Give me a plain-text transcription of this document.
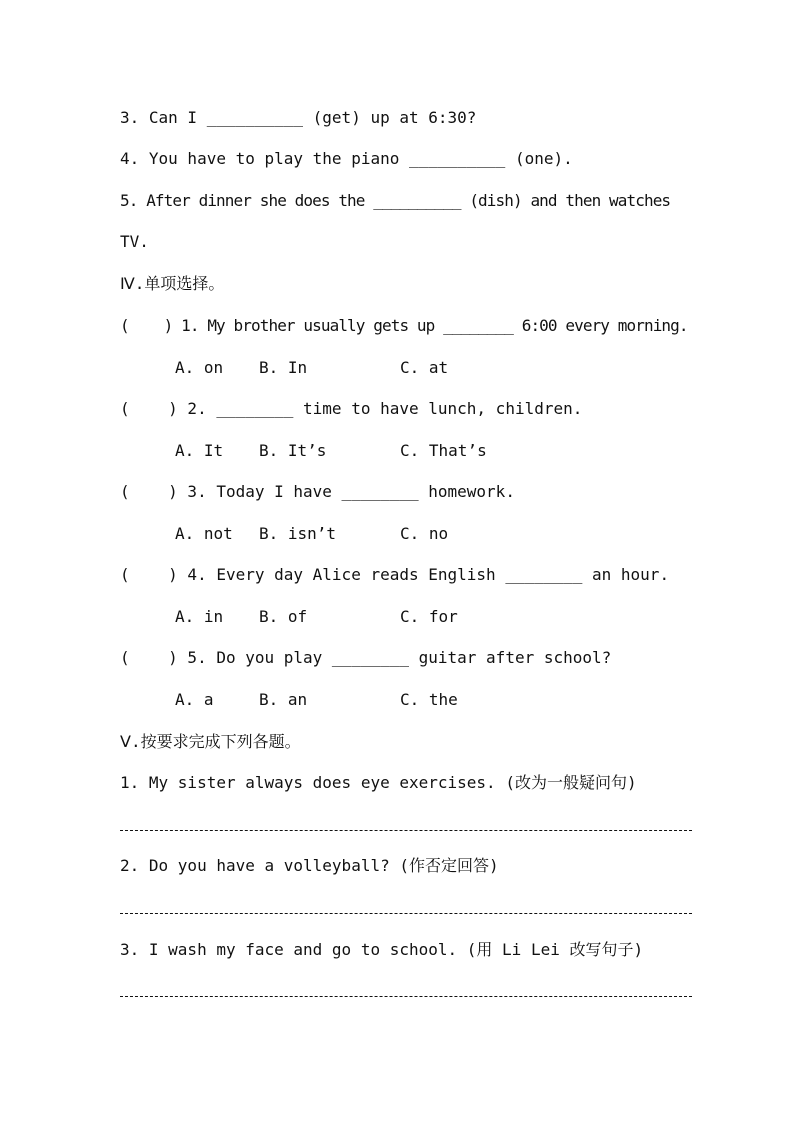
3. Can I __________ (get) up at 6:30?
4. You have to play the piano __________ (one).
5. After dinner she does the __________ (dish) and then watches
TV.
Ⅳ.单项选择。
(    ) 1. My brother usually gets up ________ 6:00 every morning.
A. on B. In	C. at
(    ) 2. ________ time to have lunch, children.
A. It B. It’s	C. That’s
(    ) 3. Today I have ________ homework.
A. not B. isn’t	C. no
(    ) 4. Every day Alice reads English ________ an hour.
A. in B. of	C. for
(    ) 5. Do you play ________ guitar after school?
A. a	B. an	C. the
Ⅴ.按要求完成下列各题。
1. My sister always does eye exercises. (改为一般疑问句)
2. Do you have a volleyball? (作否定回答)
3. I wash my face and go to school. (用 Li Lei 改写句子)
